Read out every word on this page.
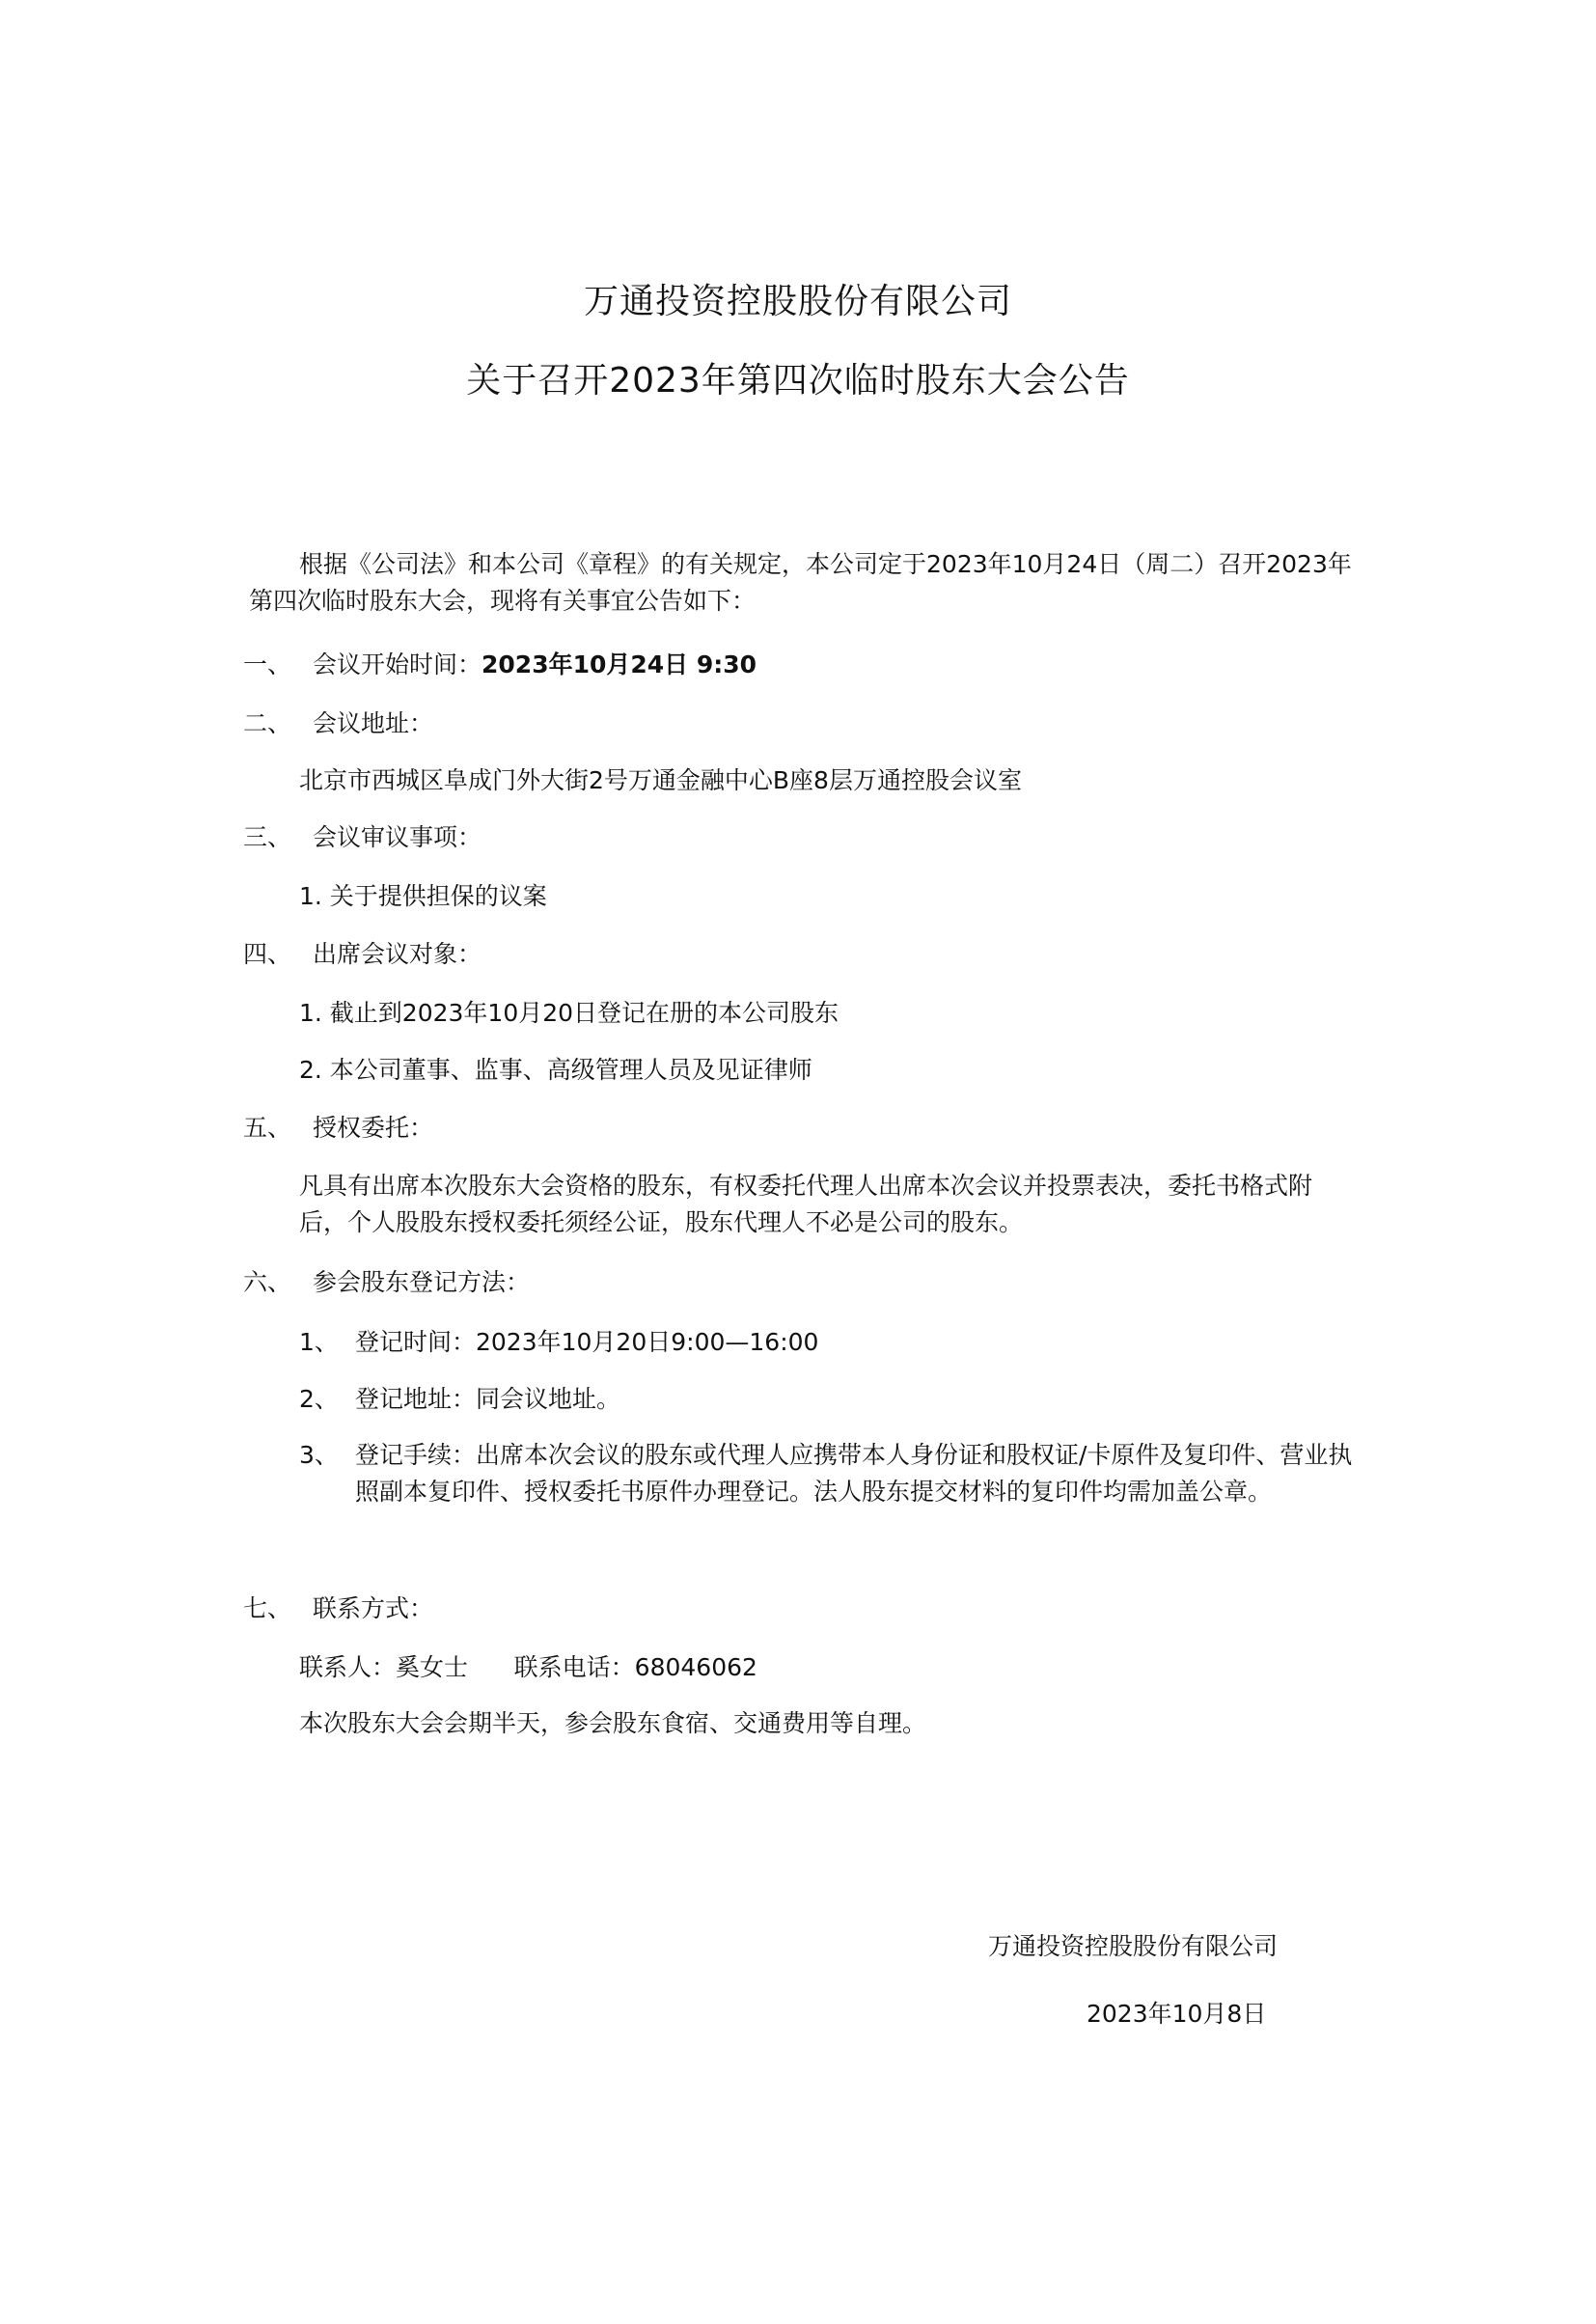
万通投资控股股份有限公司
关于召开2023年第四次临时股东大会公告
根据《公司法》和本公司《章程》的有关规定，本公司定于2023年10月24日（周二）召开2023年第四次临时股东大会，现将有关事宜公告如下：
一、 会议开始时间：2023年10月24日 9:30
二、 会议地址：
北京市西城区阜成门外大街2号万通金融中心B座8层万通控股会议室
三、 会议审议事项：
1. 关于提供担保的议案
四、 出席会议对象：
1. 截止到2023年10月20日登记在册的本公司股东
2. 本公司董事、监事、高级管理人员及见证律师
五、 授权委托：
凡具有出席本次股东大会资格的股东，有权委托代理人出席本次会议并投票表决，委托书格式附后，个人股股东授权委托须经公证，股东代理人不必是公司的股东。
六、 参会股东登记方法：
1、 登记时间：2023年10月20日9:00—16:00
2、 登记地址：同会议地址。
3、 登记手续：出席本次会议的股东或代理人应携带本人身份证和股权证/卡原件及复印件、营业执照副本复印件、授权委托书原件办理登记。法人股东提交材料的复印件均需加盖公章。
七、 联系方式：
联系人：奚女士      联系电话：68046062
本次股东大会会期半天，参会股东食宿、交通费用等自理。
万通投资控股股份有限公司
2023年10月8日
